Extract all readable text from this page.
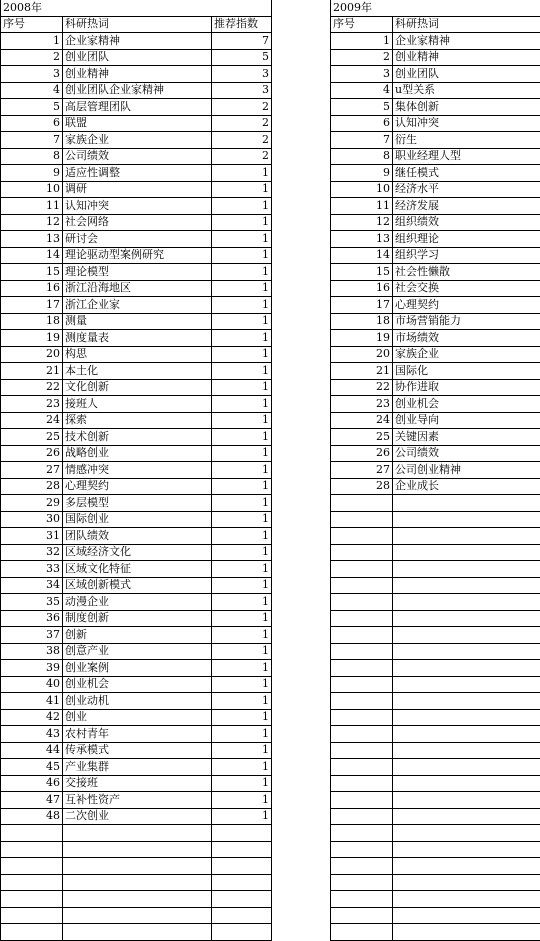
2008年				2009年	
序号	科研热词	推荐指数		序号	科研热词
1	企业家精神	7		1	企业家精神
2	创业团队	5		2	创业精神
3	创业精神	3		3	创业团队
4	创业团队企业家精神	3		4	u型关系
5	高层管理团队	2		5	集体创新
6	联盟	2		6	认知冲突
7	家族企业	2		7	衍生
8	公司绩效	2		8	职业经理人型
9	适应性调整	1		9	继任模式
10	调研	1		10	经济水平
11	认知冲突	1		11	经济发展
12	社会网络	1		12	组织绩效
13	研讨会	1		13	组织理论
14	理论驱动型案例研究	1		14	组织学习
15	理论模型	1		15	社会性懒散
16	浙江沿海地区	1		16	社会交换
17	浙江企业家	1		17	心理契约
18	测量	1		18	市场营销能力
19	测度量表	1		19	市场绩效
20	构思	1		20	家族企业
21	本土化	1		21	国际化
22	文化创新	1		22	协作进取
23	接班人	1		23	创业机会
24	探索	1		24	创业导向
25	技术创新	1		25	关键因素
26	战略创业	1		26	公司绩效
27	情感冲突	1		27	公司创业精神
28	心理契约	1		28	企业成长
29	多层模型	1			
30	国际创业	1			
31	团队绩效	1			
32	区域经济文化	1			
33	区域文化特征	1			
34	区域创新模式	1			
35	动漫企业	1			
36	制度创新	1			
37	创新	1			
38	创意产业	1			
39	创业案例	1			
40	创业机会	1			
41	创业动机	1			
42	创业	1			
43	农村青年	1			
44	传承模式	1			
45	产业集群	1			
46	交接班	1			
47	互补性资产	1			
48	二次创业	1			
